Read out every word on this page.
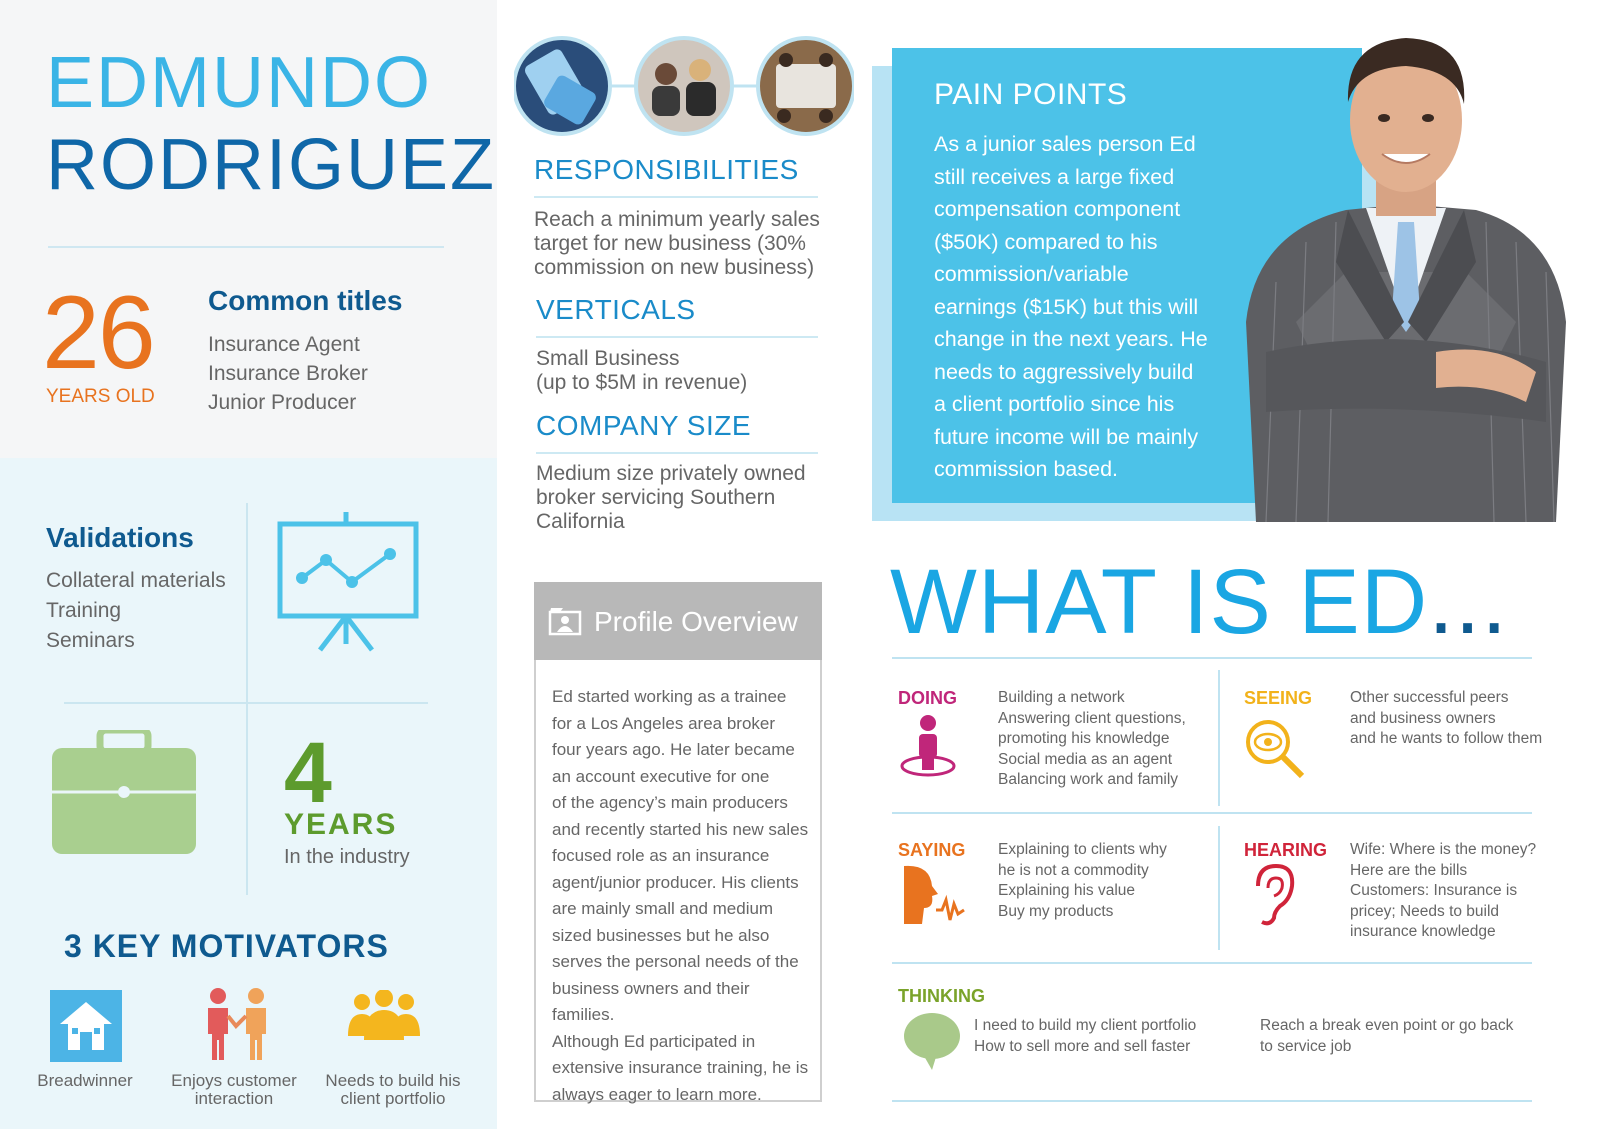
EDMUNDO
RODRIGUEZ
26
YEARS OLD
Common titles
Insurance Agent
Insurance Broker
Junior Producer
Validations
Collateral materials
Training
Seminars
4
YEARS
In the industry
3 KEY MOTIVATORS
Breadwinner	Enjoys customer
interaction
Needs to build his
client portfolio
RESPONSIBILITIES
Reach a minimum yearly sales
target for new business (30%
commission on new business)
VERTICALS
Small Business
(up to $5M in revenue)
COMPANY SIZE
Medium size privately owned
broker servicing Southern
California
Profile Overview
Ed started working as a trainee
for a Los Angeles area broker
four years ago. He later became
an account executive for one
of the agency’s main producers
and recently started his new sales
focused role as an insurance
agent/junior producer. His clients
are mainly small and medium
sized businesses but he also
serves the personal needs of the
business owners and their families.
Although Ed participated in
extensive insurance training, he is
always eager to learn more.
PAIN POINTS
As a junior sales person Ed
still receives a large fixed
compensation component
($50K) compared to his
commission/variable
earnings ($15K) but this will
change in the next years. He
needs to aggressively build
a client portfolio since his
future income will be mainly
commission based.
WHAT IS ED...
DOING	Building a network
Answering client questions,
promoting his knowledge
Social media as an agent
Balancing work and family
SEEING Other successful peers
and business owners
and he wants to follow them
SAYING Explaining to clients why
he is not a commodity
Explaining his value
Buy my products
HEARING Wife: Where is the money?
Here are the bills
Customers: Insurance is
pricey; Needs to build
insurance knowledge
THINKING
I need to build my client portfolio
How to sell more and sell faster
Reach a break even point or go back
to service job
